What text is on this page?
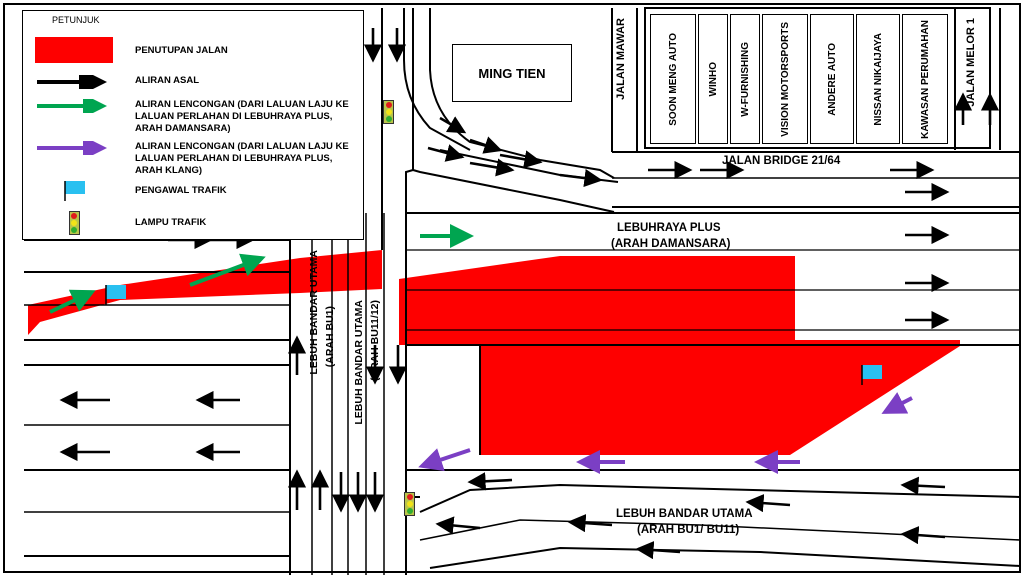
PETUNJUK
PENUTUPAN JALAN
ALIRAN ASAL
ALIRAN LENCONGAN (DARI LALUAN LAJU KE LALUAN PERLAHAN DI LEBUHRAYA PLUS, ARAH DAMANSARA)
ALIRAN LENCONGAN (DARI LALUAN LAJU KE LALUAN PERLAHAN DI LEBUHRAYA PLUS, ARAH KLANG)
PENGAWAL TRAFIK
LAMPU TRAFIK
MING TIEN	SOON MENG AUTO	WINHO W-FURNISHING	VISION MOTORSPORTS	ANDERE AUTO	NISSAN NIKAIJAYA	KAWASAN PERUMAHAN
JALAN MAWAR	JALAN MELOR 1
JALAN BRIDGE 21/64
LEBUHRAYA PLUS
(ARAH DAMANSARA)
LEBUH BANDAR UTAMA (ARAH BU1) LEBUH BANDAR UTAMA (ARAH BU11/12)
LEBUH BANDAR UTAMA
(ARAH BU1/ BU11)
